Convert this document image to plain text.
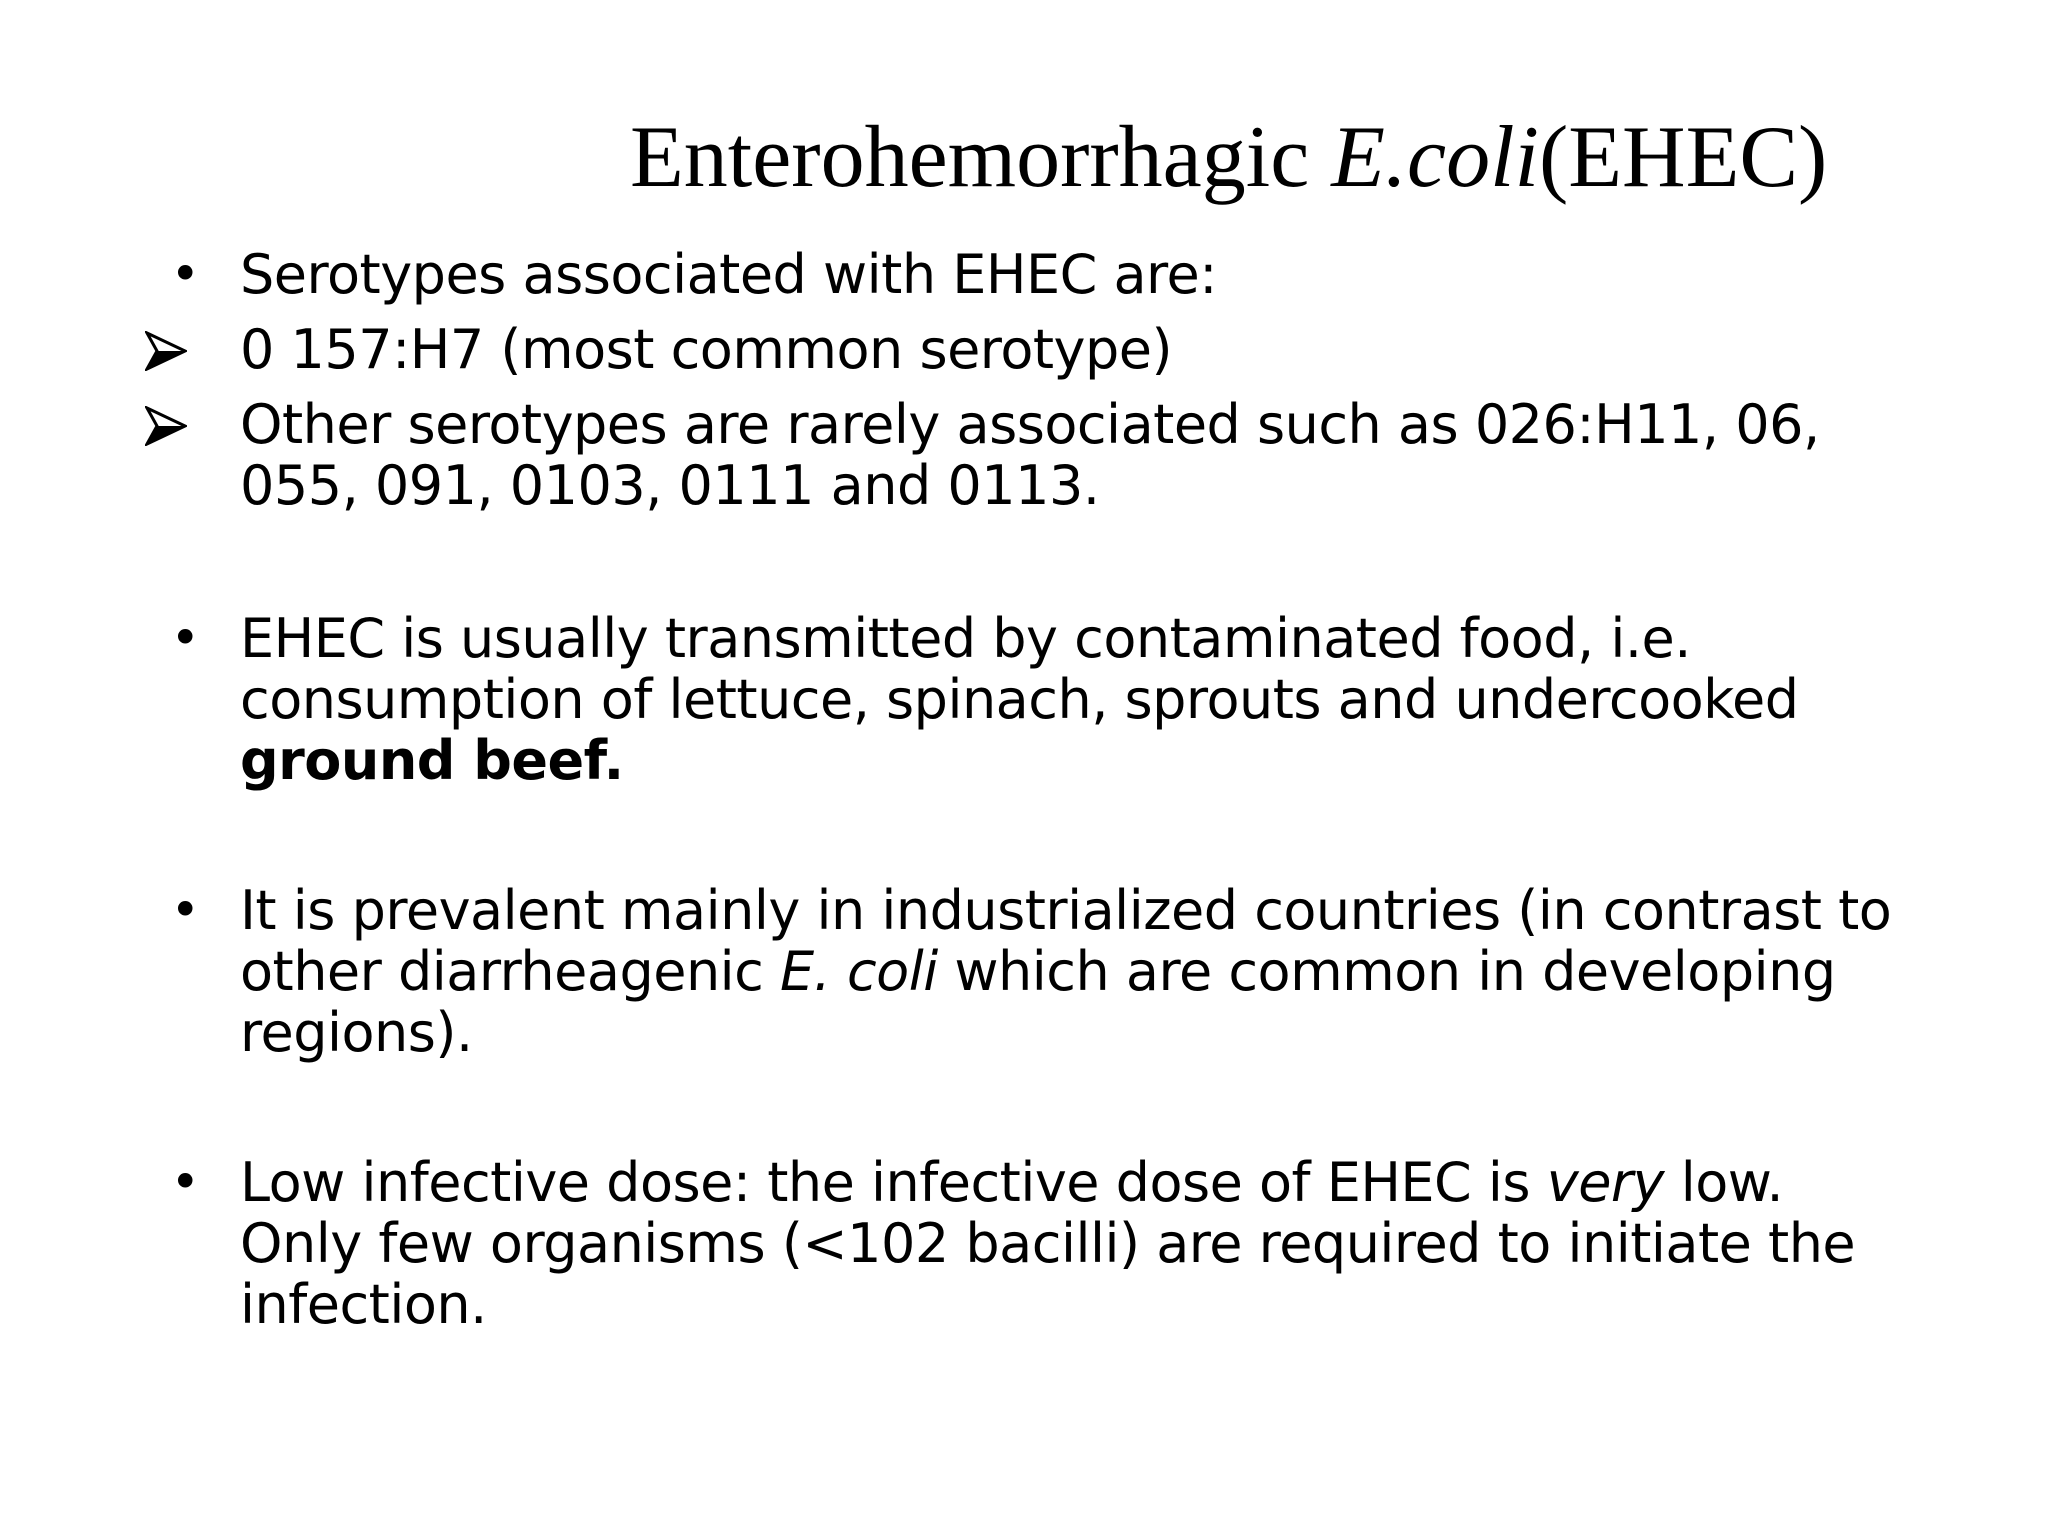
Enterohemorrhagic E.coli(EHEC)
• Serotypes associated with EHEC are:
0 157:H7 (most common serotype)
Other serotypes are rarely associated such as 026:H11, 06, 055, 091, 0103, 0111 and 0113.
• EHEC is usually transmitted by contaminated food, i.e. consumption of lettuce, spinach, sprouts and undercooked ground beef.
• It is prevalent mainly in industrialized countries (in contrast to other diarrheagenic E. coli which are common in developing regions).
• Low infective dose: the infective dose of EHEC is very low. Only few organisms (<102 bacilli) are required to initiate the infection.
